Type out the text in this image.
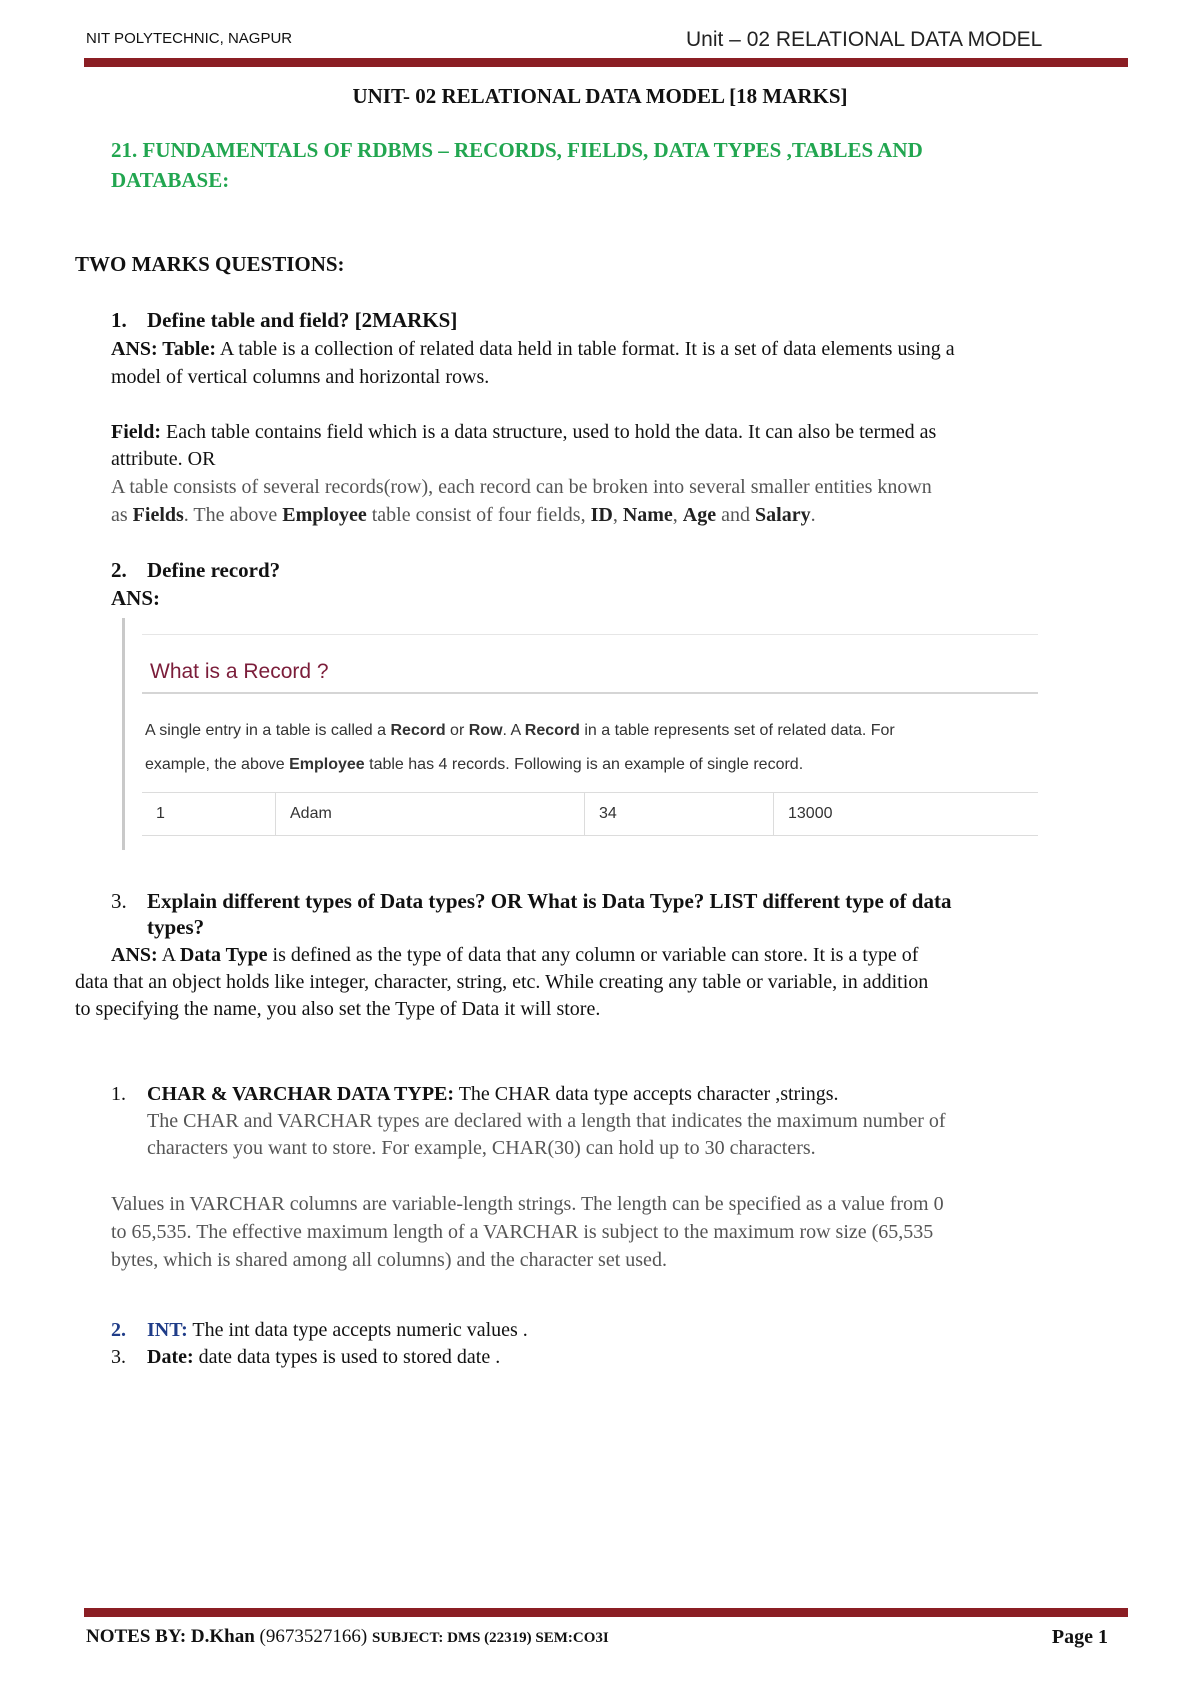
NIT POLYTECHNIC, NAGPUR	Unit – 02 RELATIONAL DATA MODEL
UNIT- 02 RELATIONAL DATA MODEL [18 MARKS]
21. FUNDAMENTALS OF RDBMS – RECORDS, FIELDS, DATA TYPES ,TABLES AND
DATABASE:
TWO MARKS QUESTIONS:
1. Define table and field? [2MARKS]
ANS: Table: A table is a collection of related data held in table format. It is a set of data elements using a
model of vertical columns and horizontal rows.
Field: Each table contains field which is a data structure, used to hold the data. It can also be termed as
attribute. OR
A table consists of several records(row), each record can be broken into several smaller entities known
as Fields. The above Employee table consist of four fields, ID, Name, Age and Salary.
2. Define record?
ANS:
What is a Record ?
A single entry in a table is called a Record or Row. A Record in a table represents set of related data. For
example, the above Employee table has 4 records. Following is an example of single record.
1	Adam	34	13000
3. Explain different types of Data types? OR What is Data Type? LIST different type of data
types?
ANS: A Data Type is defined as the type of data that any column or variable can store. It is a type of
data that an object holds like integer, character, string, etc. While creating any table or variable, in addition
to specifying the name, you also set the Type of Data it will store.
1. CHAR & VARCHAR DATA TYPE: The CHAR data type accepts character ,strings.
The CHAR and VARCHAR types are declared with a length that indicates the maximum number of
characters you want to store. For example, CHAR(30) can hold up to 30 characters.
Values in VARCHAR columns are variable-length strings. The length can be specified as a value from 0
to 65,535. The effective maximum length of a VARCHAR is subject to the maximum row size (65,535
bytes, which is shared among all columns) and the character set used.
2. INT: The int data type accepts numeric values .
3. Date: date data types is used to stored date .
NOTES BY: D.Khan (9673527166) SUBJECT: DMS (22319) SEM:CO3I	Page 1
